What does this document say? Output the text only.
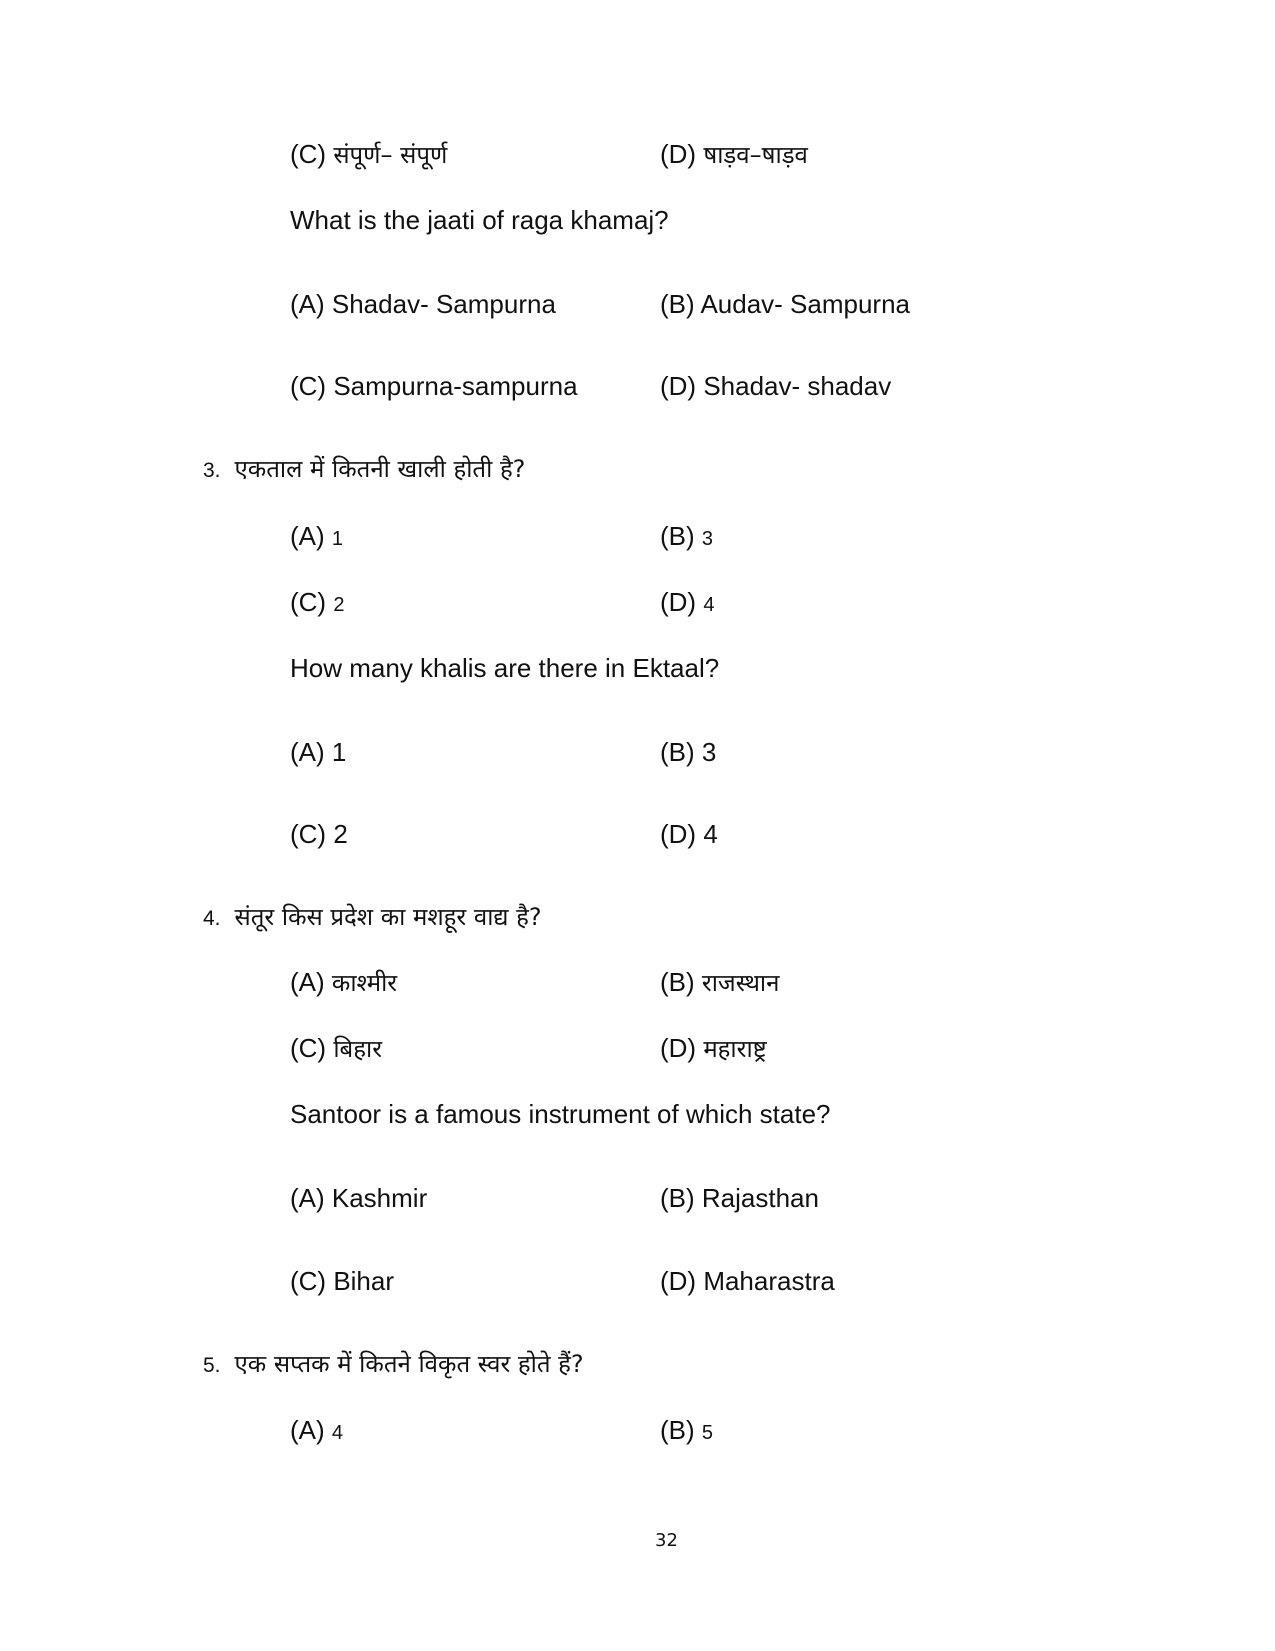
(C) संपूर्ण– संपूर्ण	(D) षाड़व–षाड़व
What is the jaati of raga khamaj?
(A) Shadav- Sampurna	(B) Audav- Sampurna
(C) Sampurna-sampurna	(D) Shadav- shadav
3. एकताल में कितनी खाली होती है?
(A) 1	(B) 3
(C) 2	(D) 4
How many khalis are there in Ektaal?
(A) 1	(B) 3
(C) 2	(D) 4
4. संतूर किस प्रदेश का मशहूर वाद्य है?
(A) काश्मीर	(B) राजस्थान
(C) बिहार	(D) महाराष्ट्र
Santoor is a famous instrument of which state?
(A) Kashmir	(B) Rajasthan
(C) Bihar	(D) Maharastra
5. एक सप्तक में कितने विकृत स्वर होते हैं?
(A) 4	(B) 5
32
